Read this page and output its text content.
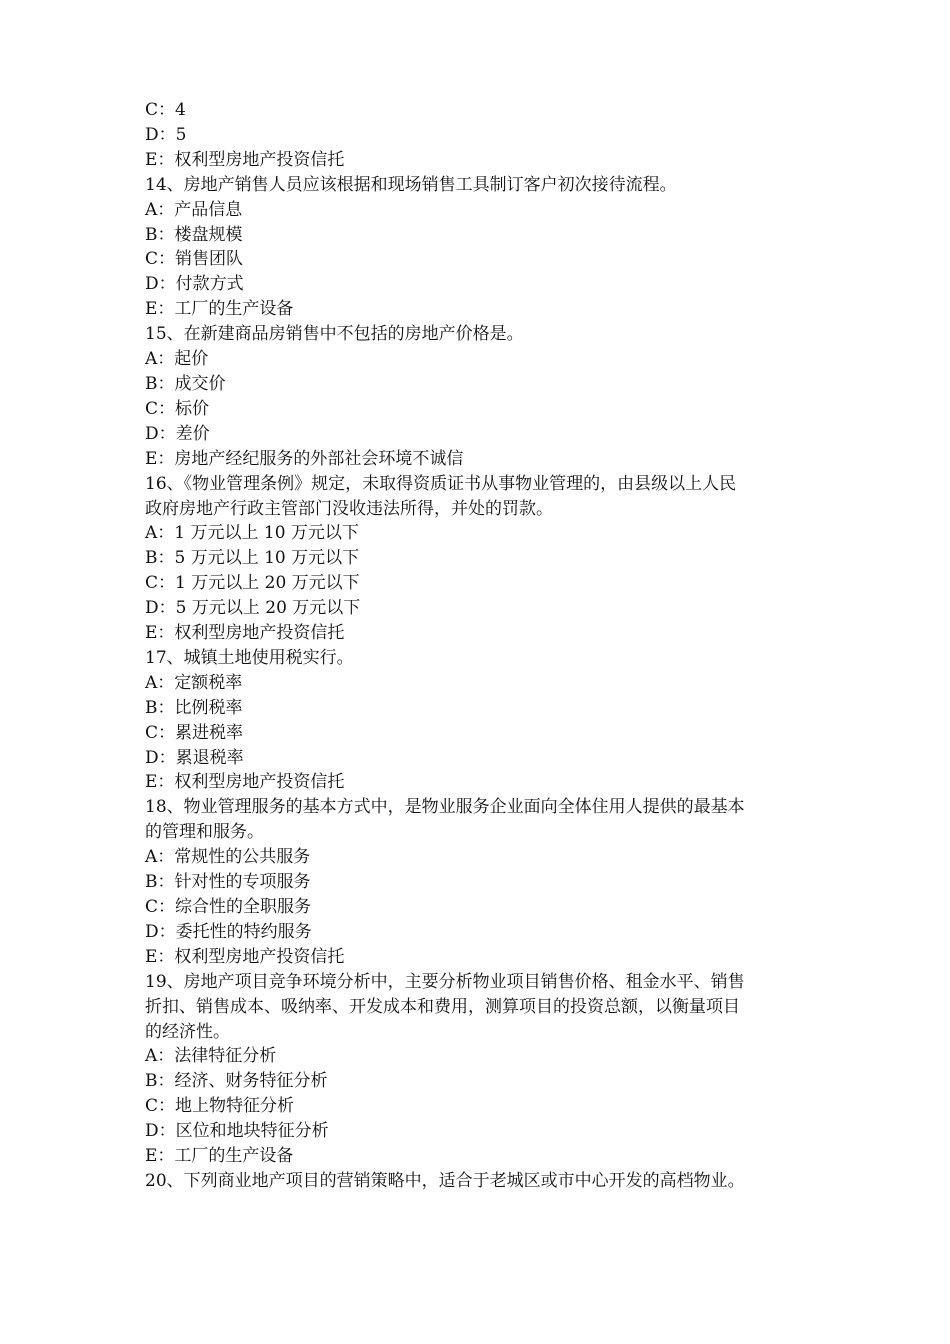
C：4
D：5
E：权利型房地产投资信托
14、房地产销售人员应该根据和现场销售工具制订客户初次接待流程。
A：产品信息
B：楼盘规模
C：销售团队
D：付款方式
E：工厂的生产设备
15、在新建商品房销售中不包括的房地产价格是。
A：起价
B：成交价
C：标价
D：差价
E：房地产经纪服务的外部社会环境不诚信
16、《物业管理条例》规定，未取得资质证书从事物业管理的，由县级以上人民
政府房地产行政主管部门没收违法所得，并处的罚款。
A：1 万元以上 10 万元以下
B：5 万元以上 10 万元以下
C：1 万元以上 20 万元以下
D：5 万元以上 20 万元以下
E：权利型房地产投资信托
17、城镇土地使用税实行。
A：定额税率
B：比例税率
C：累进税率
D：累退税率
E：权利型房地产投资信托
18、物业管理服务的基本方式中，是物业服务企业面向全体住用人提供的最基本
的管理和服务。
A：常规性的公共服务
B：针对性的专项服务
C：综合性的全职服务
D：委托性的特约服务
E：权利型房地产投资信托
19、房地产项目竞争环境分析中，主要分析物业项目销售价格、租金水平、销售
折扣、销售成本、吸纳率、开发成本和费用，测算项目的投资总额，以衡量项目
的经济性。
A：法律特征分析
B：经济、财务特征分析
C：地上物特征分析
D：区位和地块特征分析
E：工厂的生产设备
20、下列商业地产项目的营销策略中，适合于老城区或市中心开发的高档物业。
